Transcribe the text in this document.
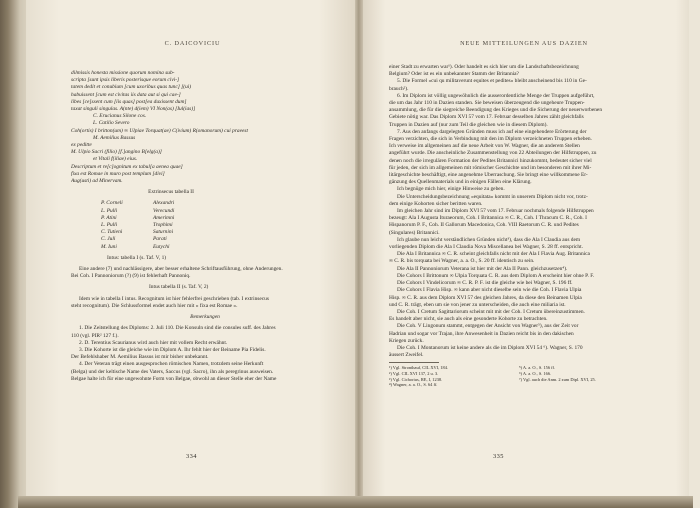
C. DAICOVICIU
dilmissis honesta missione quorum nomina sub-
scripta [sunt ipsis liberis posterisque eorum civi-]
tatem dedit et conubium [cum uxoribus quas tunc] [(ui)
habuissent [cum est civitas iis data aut si qui cae-]
libes [ce]ssent cum [iis quas] post[ea duxissent dum]
taxat singuli singulas. A(nte) d(iem) VI Non(as) [Iul(ias)]
C. Erucianus Silone cos.
L. Catilio Severo
Coh(ortis) I britton(um) ∞ Ulpiae Torquat(ae) C(ivium) R(omanorum) cui praeest
M. Aemilius Bassus
ex peditte
M. Ulpio Sacri (filio) [f.]angino B[elg(a)]
et Vitali f(iliae) eius.
Descriptum et re[c]ognitum ex tabul[a aenea quae]
fixa est Romae in muro post templum [divi]
Aug(usti) ad Minervam.
Extrinsecus tabella II
P. Corneli	Alexandri
L. Pulli	Verecundi
P. Atini	Amerimni
L. Pulli	Trophimi
C. Tutieni	Saturnini
C. Juli	Parati
M. Iuni	Eutychi
Intus: tabella I (s. Taf. V, 1)
Eine andere (7) und nachlässigere, aber besser erhaltene Schriftausführung, ohne Änderungen.
Bei Coh. I Pannoniorum (?) (9) ist fehlerhaft Pannoniq.
Intus tabella II (s. Taf. V, 2)
Idem wie in tabella I intus. Recognitum ist hier fehlerfrei geschrieben (tab. I extrinsecus
steht recognitum). Die Schlussformel endet auch hier mit « fixa est Romae ».
Bemerkungen
1. Die Zeitstellung des Diploms: 2. Juli 110. Die Konsuln sind die consules suff. des Jahres
110 (vgl. PIR² 127 f.).
2. D. Terentius Scaurianus wird auch hier mit vollem Recht erwähnt.
3. Die Kohorte ist die gleiche wie im Diplom A. Ihr fehlt hier der Beiname Pia Fidelis.
Der Befehlshaber M. Aemilius Bassus ist mir bisher unbekannt.
4. Der Veteran trägt einen ausgesprochen römischen Namen, trotzdem seine Herkunft
(Belga) und der keltische Name des Vaters, Saccus (vgl. Sacro), ihn als peregrinus ausweisen.
Belgae halte ich für eine ungewohnte Form von Belgae, obwohl an dieser Stelle eher der Name
334
NEUE MITTEILUNGEN AUS DAZIEN
einer Stadt zu erwarten war¹). Oder handelt es sich hier um die Landschaftsbezeichnung
Belgium? Oder ist es ein unbekannter Stamm der Britannia?
5. Die Formel «cui qu militaverunt equites et pedites» bleibt anscheinend bis 110 in Ge-
brauch²).
6. Im Diplom ist völlig ungewöhnlich die ausserordentliche Menge der Truppen aufgeführt,
die um das Jahr 110 in Dazien standen. Sie beweisen überzeugend die ungeheure Truppen-
ansammlung, die für die siegreiche Beendigung des Krieges und die Sicherung der neuerworbenen
Gebiete nötig war. Das Diplom XVI 57 vom 17. Februar desselben Jahres zählt gleichfalls
Truppen in Dazien auf (nur zum Teil die gleichen wie in diesem Diplom).
7. Aus den anfangs dargelegten Gründen muss ich auf eine eingehendere Erörterung der
Fragen verzichten, die sich in Verbindung mit den im Diplom verzeichneten Truppen erheben.
Ich verweise im allgemeinen auf die neue Arbeit von W. Wagner, die an anderem Stellen
angeführt wurde. Die anscheinliche Zusammenstellung von 22 Abteilungen der Hilfstruppen, zu
denen noch die irregulären Formation der Pedites Britannici hinzukommt, bedeutet sicher viel
für jeden, der sich im allgemeinen mit römischer Geschichte und im besonderen mit ihrer Mi-
litärgeschichte beschäftigt, eine angenehme Überraschung. Sie bringt eine willkommene Er-
gänzung des Quellenmaterials und in einigen Fällen eine Klärung.
Ich begnüge mich hier, einige Hinweise zu geben.
Die Unterscheidungsbezeichnung «equitata» kommt in unserem Diplom nicht vor, trotz-
dem einige Kohorten sicher beritten waren.
Im gleichen Jahr sind im Diplom XVI 57 vom 17. Februar nochmals folgende Hilfstruppen
bezeugt: Ala I Augusta Ituraeorum, Coh. I Britannica ∞ C. R., Coh. I Thracum C. R., Coh. I
Hispanorum P. F., Coh. II Gallorum Macedonica, Coh. VIII Raetorum C. R. und Pedites
(Singulares) Britannici.
Ich glaube nun leicht verständlichen Gründen nicht³), dass die Ala I Claudia aus dem
vorliegenden Diplom die Ala I Claudia Nova Miscellanea bei Wagner, S. 28 ff. entspricht.
Die Ala I Britannica ∞ C. R. scheint gleichfalls nicht mit der Ala I Flavia Aug. Britannica
∞ C. R. bis torquata bei Wagner, a. a. O., S. 20 ff. identisch zu sein.
Die Ala II Pannoniorum Veterana ist hier mit der Ala II Pann. gleichzusetzen⁴).
Die Cohors I Brittonum ∞ Ulpia Torquata C. R. aus dem Diplom A erscheint hier ohne P. F.
Die Cohors I Vindelicorum ∞ C. R. P. F. ist die gleiche wie bei Wagner, S. 196 ff.
Die Cohors I Flavia Hisp. ∞ kann aber nicht dieselbe sein wie die Coh. I Flavia Ulpia
Hisp. ∞ C. R. aus dem Diplom XVI 57 des gleichen Jahres, da diese den Beinamen Ulpia
und C. R. trägt, eben um sie von jener zu unterscheiden, die auch eine miliaria ist.
Die Coh. I Cretum Sagittariorum scheint mit mit der Coh. I Cretum übereinzustimmen.
Es handelt aber nicht, sie auch als eine gesonderte Kohorte zu betrachten.
Die Coh. V Lingonum stammt, entgegen der Ansicht von Wagner⁵), aus der Zeit vor
Hadrian und sogar vor Trajan, ihre Anwesenheit in Dazien reicht bis in den dakischen
Kriegen zurück.
Die Coh. I Montanorum ist keine andere als die im Diplom XVI 54 ⁶). Wagner, S. 170
äussert Zweifel.
¹) Vgl. Stronthauf, CIL XVI, 184.
²) Vgl. CIL XVI 137, 2 u. 3.
³) Vgl. Cichorius, RE, I, 1238.
⁴) Wagner, a. a. O., S. 64 ff.
⁵) A. a. O., S. 156 ff.
⁶) A. a. O., S. 166.
⁷) Vgl. auch die Anm. 2 zum Dipl. XVI, 25.
335
